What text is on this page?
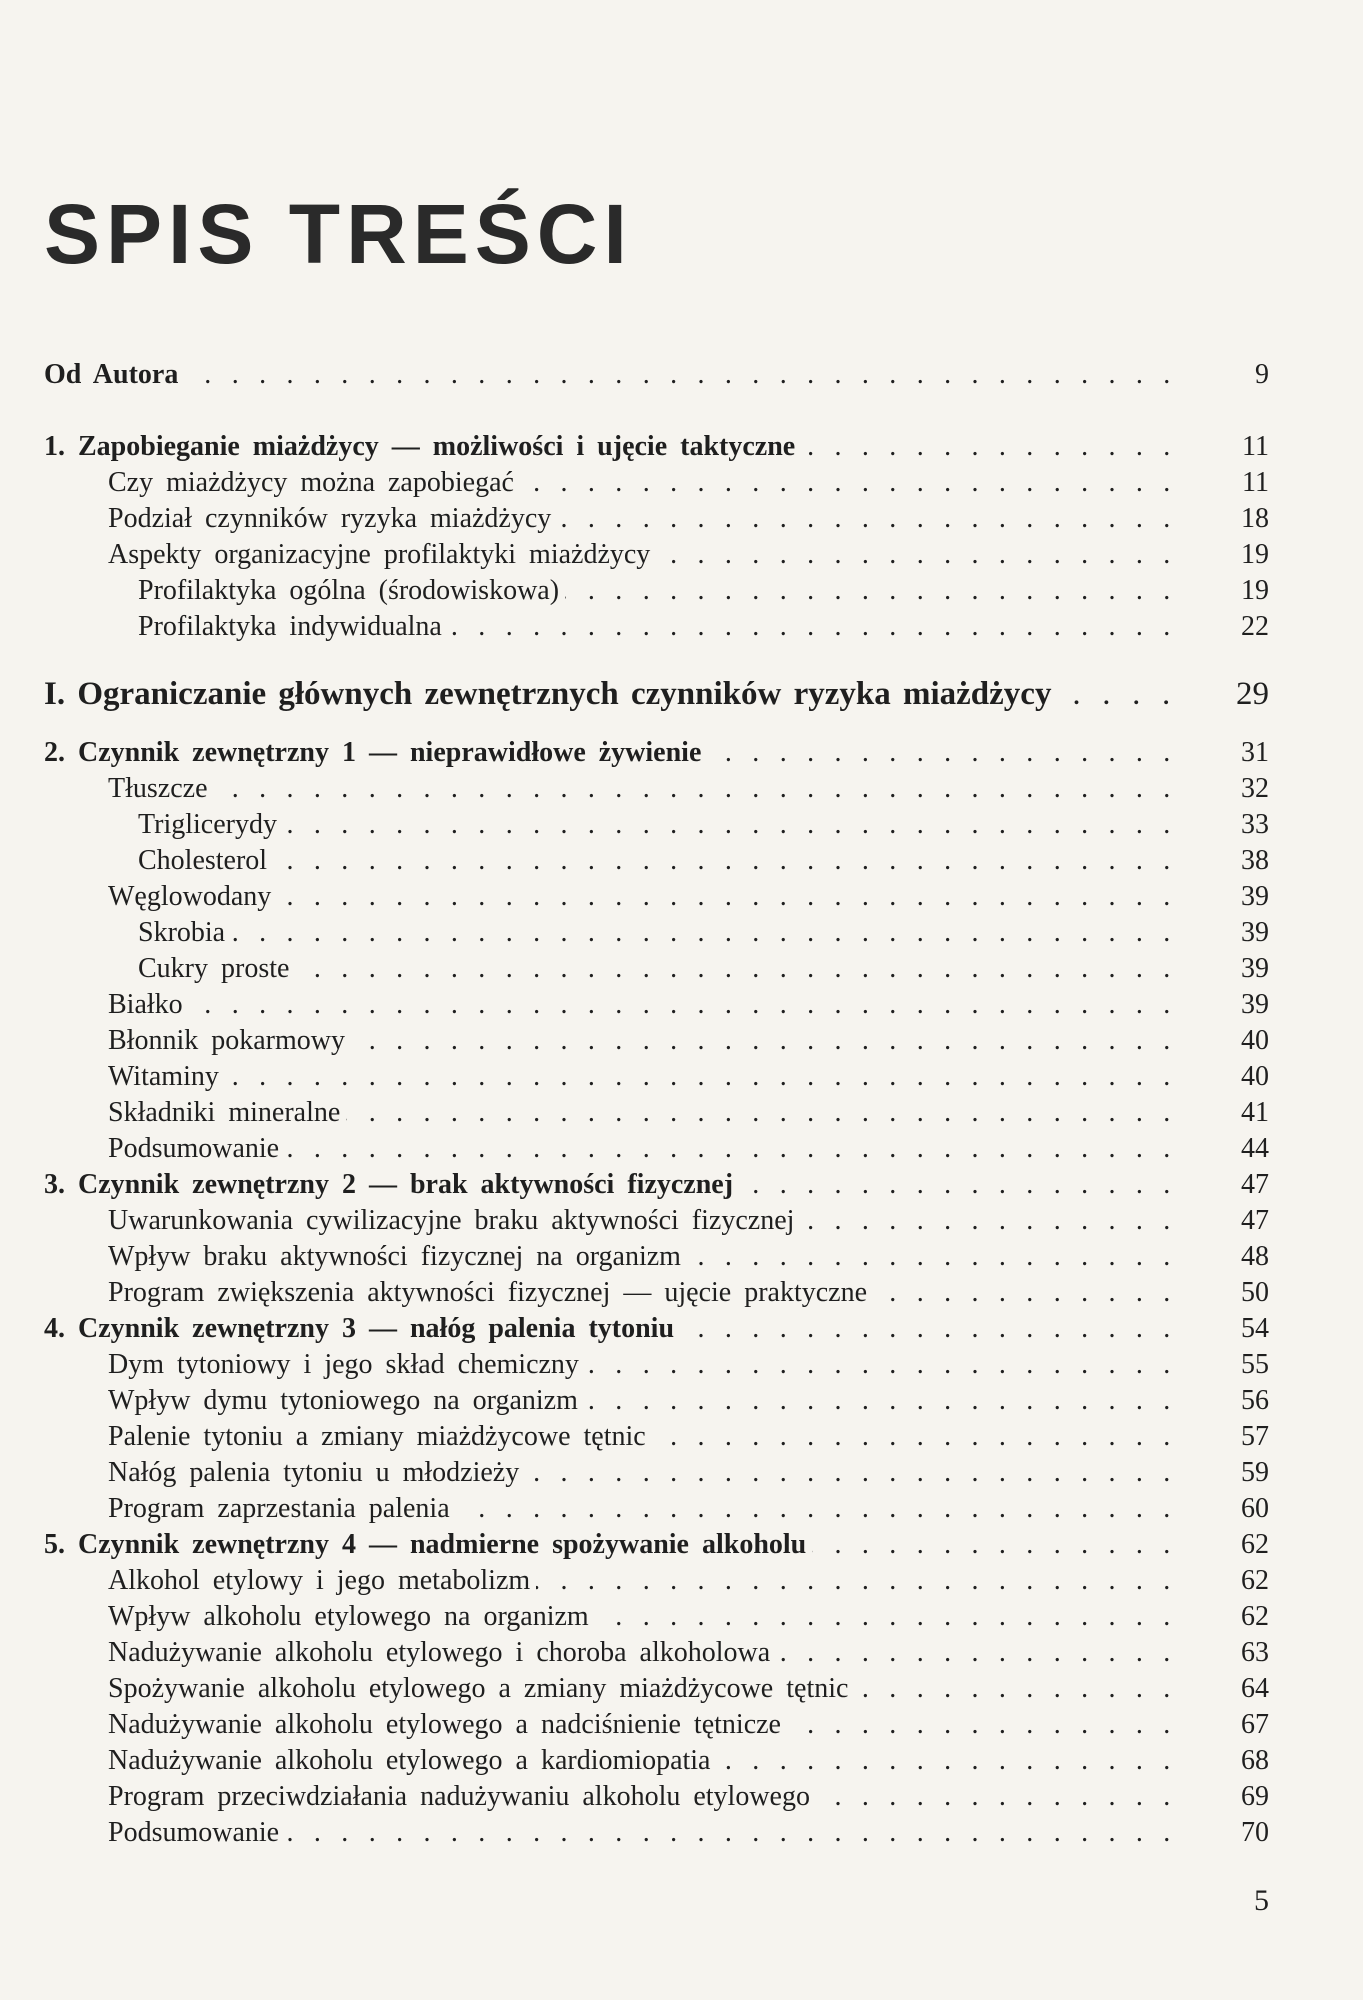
SPIS TREŚCI
. . .
Od Autora	9
. . .
1. Zapobieganie miażdżycy — możliwości i ujęcie taktyczne	11
. . .
Czy miażdżycy można zapobiegać	11
. . .
Podział czynników ryzyka miażdżycy	18
. . .
Aspekty organizacyjne profilaktyki miażdżycy	19
. . .
Profilaktyka ogólna (środowiskowa)	19
. . .
Profilaktyka indywidualna	22
. . .
I. Ograniczanie głównych zewnętrznych czynników ryzyka miażdżycy	29
. . .
2. Czynnik zewnętrzny 1 — nieprawidłowe żywienie	31
. . .
Tłuszcze	32
. . .
Triglicerydy	33
. . .
Cholesterol	38
. . .
Węglowodany	39
. . .
Skrobia	39
. . .
Cukry proste	39
. . .
Białko	39
. . .
Błonnik pokarmowy	40
. . .
Witaminy	40
. . .
Składniki mineralne	41
. . .
Podsumowanie	44
. . .
3. Czynnik zewnętrzny 2 — brak aktywności fizycznej	47
. . .
Uwarunkowania cywilizacyjne braku aktywności fizycznej	47
. . .
Wpływ braku aktywności fizycznej na organizm	48
. . .
Program zwiększenia aktywności fizycznej — ujęcie praktyczne	50
. . .
4. Czynnik zewnętrzny 3 — nałóg palenia tytoniu	54
. . .
Dym tytoniowy i jego skład chemiczny	55
. . .
Wpływ dymu tytoniowego na organizm	56
. . .
Palenie tytoniu a zmiany miażdżycowe tętnic	57
. . .
Nałóg palenia tytoniu u młodzieży	59
. . .
Program zaprzestania palenia	60
. . .
5. Czynnik zewnętrzny 4 — nadmierne spożywanie alkoholu	62
. . .
Alkohol etylowy i jego metabolizm	62
. . .
Wpływ alkoholu etylowego na organizm	62
. . .
Nadużywanie alkoholu etylowego i choroba alkoholowa	63
. . .
Spożywanie alkoholu etylowego a zmiany miażdżycowe tętnic	64
. . .
Nadużywanie alkoholu etylowego a nadciśnienie tętnicze	67
. . .
Nadużywanie alkoholu etylowego a kardiomiopatia	68
. . .
Program przeciwdziałania nadużywaniu alkoholu etylowego	69
. . .
Podsumowanie	70
5
